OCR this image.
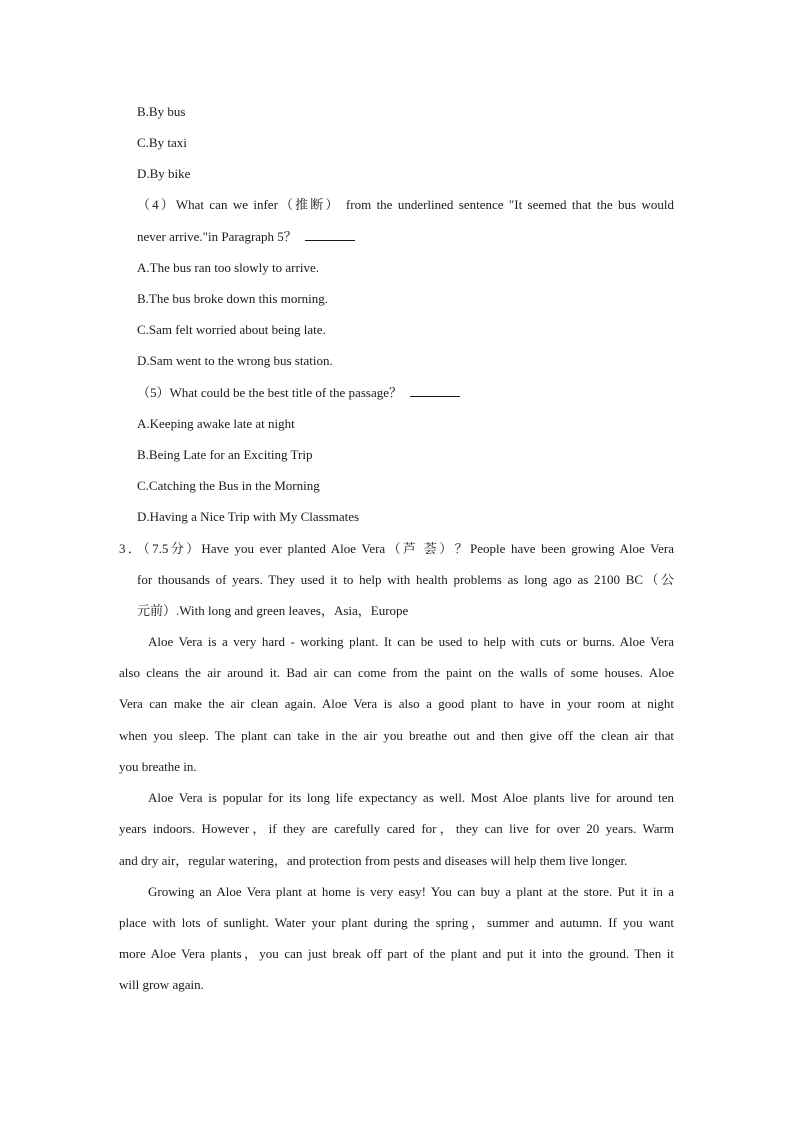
B.By bus
C.By taxi
D.By bike
（4）What can we infer（推断） from the underlined sentence "It seemed that the bus would
never arrive."in Paragraph 5？
A.The bus ran too slowly to arrive.
B.The bus broke down this morning.
C.Sam felt worried about being late.
D.Sam went to the wrong bus station.
（5）What could be the best title of the passage？
A.Keeping awake late at night
B.Being Late for an Exciting Trip
C.Catching the Bus in the Morning
D.Having a Nice Trip with My Classmates
3．（7.5分）Have you ever planted Aloe Vera（芦 荟）？People have been growing Aloe Vera
for thousands of years. They used it to help with health problems as long ago as 2100 BC（公
元前）.With long and green leaves，Asia，Europe
Aloe Vera is a very hard - working plant. It can be used to help with cuts or burns. Aloe Vera
also cleans the air around it. Bad air can come from the paint on the walls of some houses. Aloe
Vera can make the air clean again. Aloe Vera is also a good plant to have in your room at night
when you sleep. The plant can take in the air you breathe out and then give off the clean air that
you breathe in.
Aloe Vera is popular for its long life expectancy as well. Most Aloe plants live for around ten
years indoors. However，if they are carefully cared for，they can live for over 20 years. Warm
and dry air，regular watering，and protection from pests and diseases will help them live longer.
Growing an Aloe Vera plant at home is very easy! You can buy a plant at the store. Put it in a
place with lots of sunlight. Water your plant during the spring，summer and autumn. If you want
more Aloe Vera plants，you can just break off part of the plant and put it into the ground. Then it
will grow again.
